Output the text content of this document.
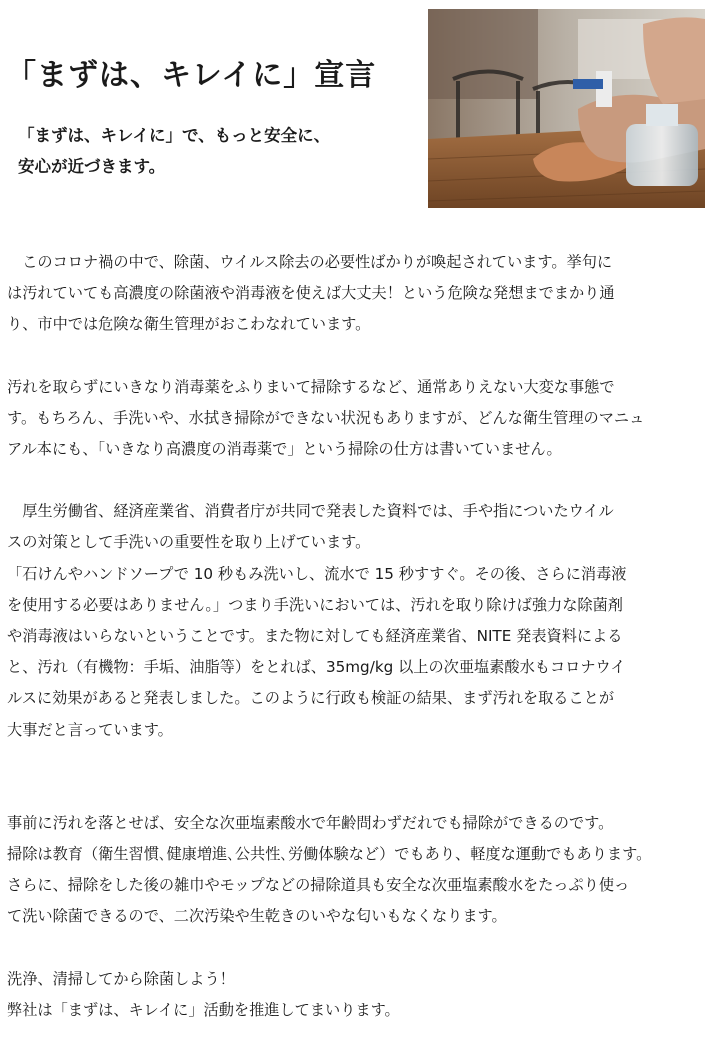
「まずは、キレイに」宣言
「まずは、キレイに」で、もっと安全に、
安心が近づきます。

　このコロナ禍の中で、除菌、ウイルス除去の必要性ばかりが喚起されています。挙句に

は汚れていても高濃度の除菌液や消毒液を使えば大丈夫！という危険な発想までまかり通

り、市中では危険な衛生管理がおこわなれています。

汚れを取らずにいきなり消毒薬をふりまいて掃除するなど、通常ありえない大変な事態で

す。もちろん、手洗いや、水拭き掃除ができない状況もありますが、どんな衛生管理のマニュ

アル本にも、「いきなり高濃度の消毒薬で」という掃除の仕方は書いていません。

　厚生労働省、経済産業省、消費者庁が共同で発表した資料では、手や指についたウイル

スの対策として手洗いの重要性を取り上げています。

「石けんやハンドソープで 10 秒もみ洗いし、流水で 15 秒すすぐ。その後、さらに消毒液

を使用する必要はありません。」つまり手洗いにおいては、汚れを取り除けば強力な除菌剤

や消毒液はいらないということです。また物に対しても経済産業省、NITE 発表資料による

と、汚れ（有機物：手垢、油脂等）をとれば、35mg/kg 以上の次亜塩素酸水もコロナウイ

ルスに効果があると発表しました。このように行政も検証の結果、まず汚れを取ることが

大事だと言っています。

事前に汚れを落とせば、安全な次亜塩素酸水で年齢問わずだれでも掃除ができるのです。

掃除は教育（衛生習慣､健康増進､公共性､労働体験など）でもあり、軽度な運動でもあります。

さらに、掃除をした後の雑巾やモップなどの掃除道具も安全な次亜塩素酸水をたっぷり使っ

て洗い除菌できるので、二次汚染や生乾きのいやな匂いもなくなります。

洗浄、清掃してから除菌しよう！

弊社は「まずは、キレイに」活動を推進してまいります。
